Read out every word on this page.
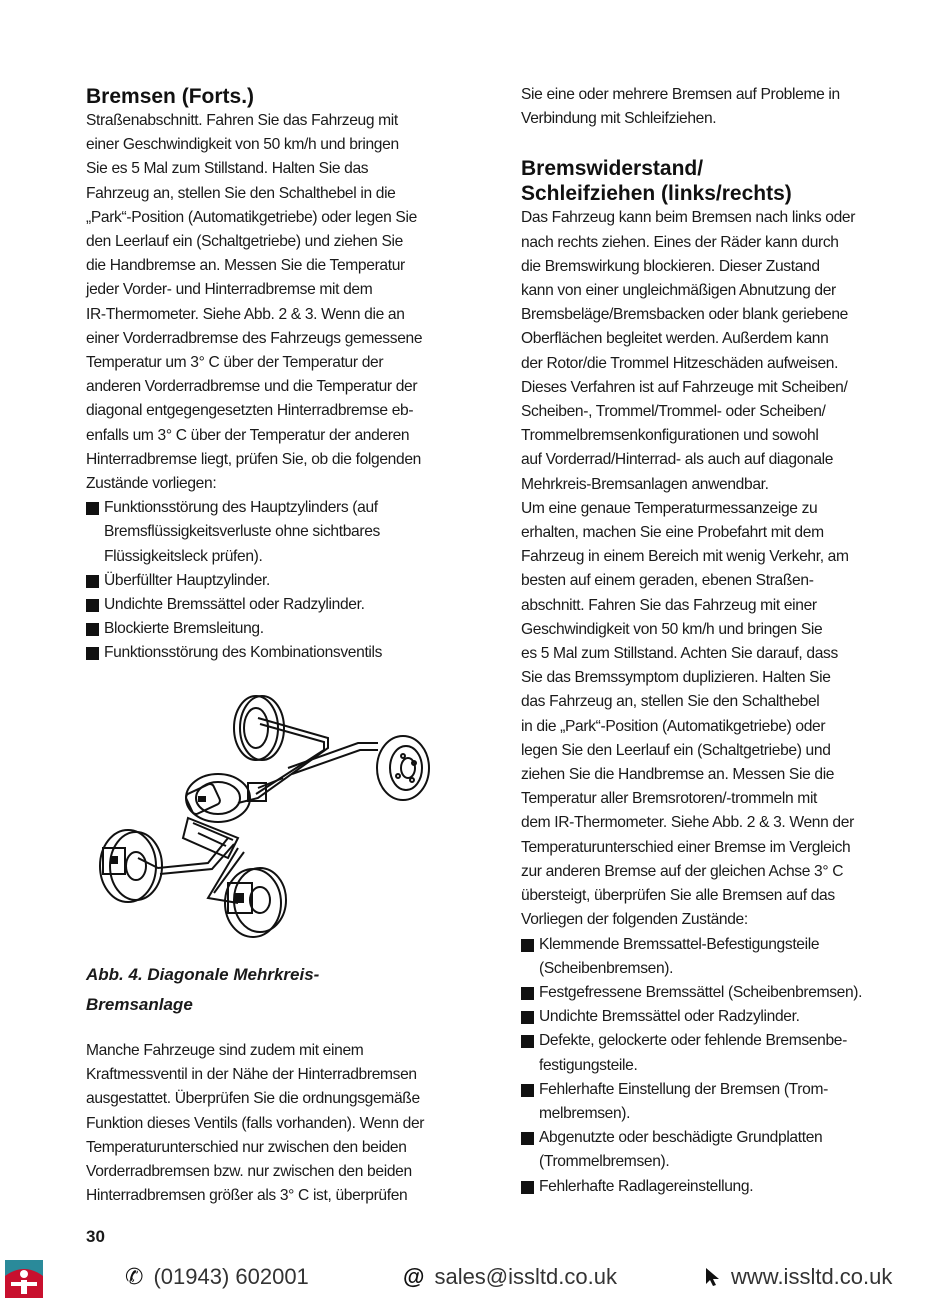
Bremsen (Forts.)
Straßenabschnitt. Fahren Sie das Fahrzeug mit
einer Geschwindigkeit von 50 km/h und bringen
Sie es 5 Mal zum Stillstand. Halten Sie das
Fahrzeug an, stellen Sie den Schalthebel in die
„Park“-Position (Automatikgetriebe) oder legen Sie
den Leerlauf ein (Schaltgetriebe) und ziehen Sie
die Handbremse an. Messen Sie die Temperatur
jeder Vorder- und Hinterradbremse mit dem
IR-Thermometer. Siehe Abb. 2 & 3. Wenn die an
einer Vorderradbremse des Fahrzeugs gemessene
Temperatur um 3° C über der Temperatur der
anderen Vorderradbremse und die Temperatur der
diagonal entgegengesetzten Hinterradbremse eb-
enfalls um 3° C über der Temperatur der anderen
Hinterradbremse liegt, prüfen Sie, ob die folgenden
Zustände vorliegen:
Funktionsstörung des Hauptzylinders (auf
Bremsflüssigkeitsverluste ohne sichtbares
Flüssigkeitsleck prüfen).
Überfüllter Hauptzylinder.
Undichte Bremssättel oder Radzylinder.
Blockierte Bremsleitung.
Funktionsstörung des Kombinationsventils

Abb. 4. Diagonale Mehrkreis-
Bremsanlage

Manche Fahrzeuge sind zudem mit einem
Kraftmessventil in der Nähe der Hinterradbremsen
ausgestattet. Überprüfen Sie die ordnungsgemäße
Funktion dieses Ventils (falls vorhanden). Wenn der
Temperaturunterschied nur zwischen den beiden
Vorderradbremsen bzw. nur zwischen den beiden
Hinterradbremsen größer als 3° C ist, überprüfen
Sie eine oder mehrere Bremsen auf Probleme in
Verbindung mit Schleifziehen.
Bremswiderstand/
Schleifziehen (links/rechts)
Das Fahrzeug kann beim Bremsen nach links oder
nach rechts ziehen. Eines der Räder kann durch
die Bremswirkung blockieren. Dieser Zustand
kann von einer ungleichmäßigen Abnutzung der
Bremsbeläge/Bremsbacken oder blank geriebene
Oberflächen begleitet werden. Außerdem kann
der Rotor/die Trommel Hitzeschäden aufweisen.
Dieses Verfahren ist auf Fahrzeuge mit Scheiben/
Scheiben-, Trommel/Trommel- oder Scheiben/
Trommelbremsenkonfigurationen und sowohl
auf Vorderrad/Hinterrad- als auch auf diagonale
Mehrkreis-Bremsanlagen anwendbar.
Um eine genaue Temperaturmessanzeige zu
erhalten, machen Sie eine Probefahrt mit dem
Fahrzeug in einem Bereich mit wenig Verkehr, am
besten auf einem geraden, ebenen Straßen-
abschnitt. Fahren Sie das Fahrzeug mit einer
Geschwindigkeit von 50 km/h und bringen Sie
es 5 Mal zum Stillstand. Achten Sie darauf, dass
Sie das Bremssymptom duplizieren. Halten Sie
das Fahrzeug an, stellen Sie den Schalthebel
in die „Park“-Position (Automatikgetriebe) oder
legen Sie den Leerlauf ein (Schaltgetriebe) und
ziehen Sie die Handbremse an. Messen Sie die
Temperatur aller Bremsrotoren/-trommeln mit
dem IR-Thermometer. Siehe Abb. 2 & 3. Wenn der
Temperaturunterschied einer Bremse im Vergleich
zur anderen Bremse auf der gleichen Achse 3° C
übersteigt, überprüfen Sie alle Bremsen auf das
Vorliegen der folgenden Zustände:
Klemmende Bremssattel-Befestigungsteile
(Scheibenbremsen).
Festgefressene Bremssättel (Scheibenbremsen).
Undichte Bremssättel oder Radzylinder.
Defekte, gelockerte oder fehlende Bremsenbe-
festigungsteile.
Fehlerhafte Einstellung der Bremsen (Trom-
melbremsen).
Abgenutzte oder beschädigte Grundplatten
(Trommelbremsen).
Fehlerhafte Radlagereinstellung.
30
✆ (01943) 602001	@ sales@issltd.co.uk	www.issltd.co.uk
